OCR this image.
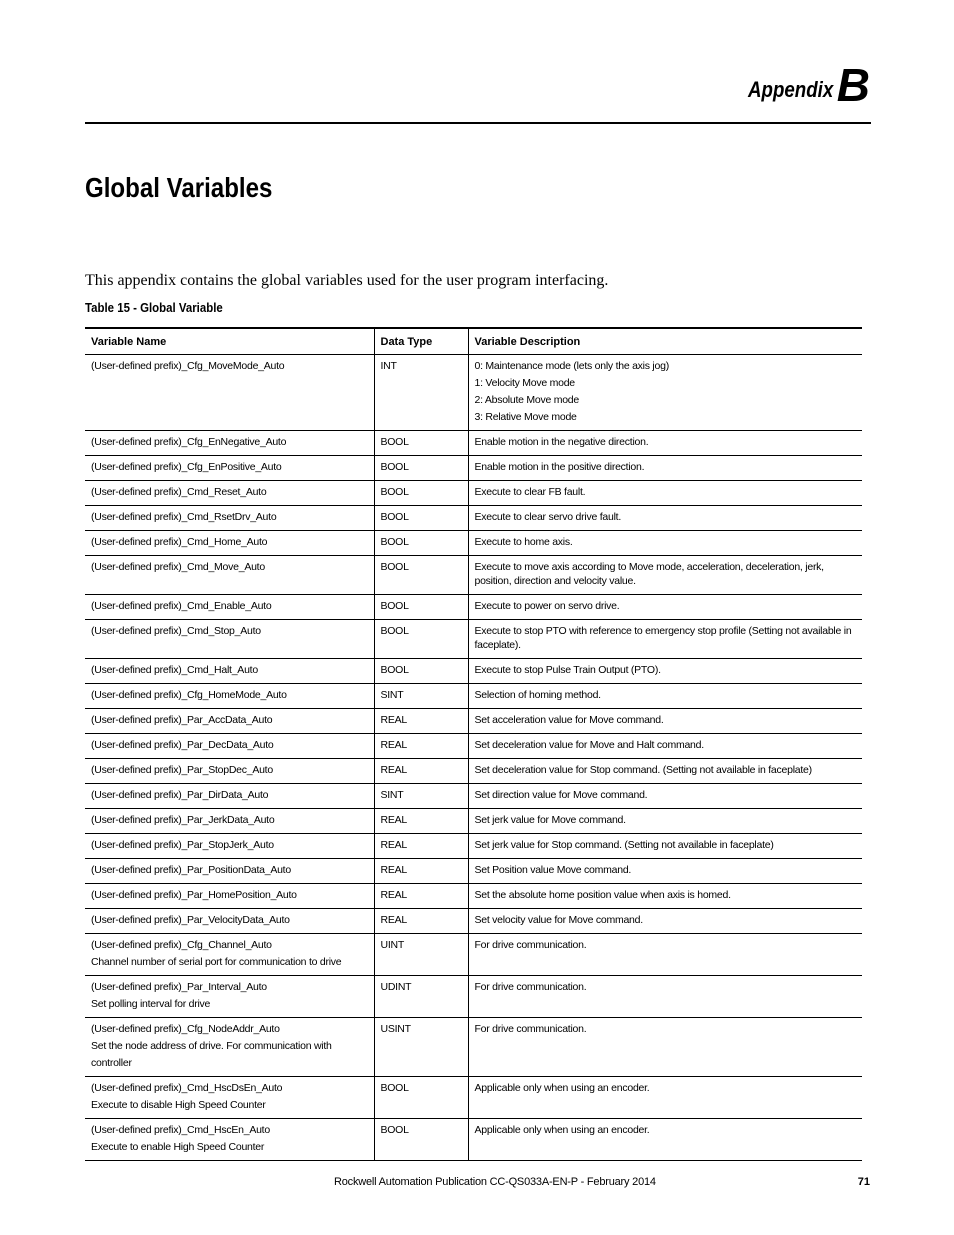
Appendix B
Global Variables
This appendix contains the global variables used for the user program interfacing.
Table 15 - Global Variable
Variable Name	Data Type	Variable Description

(User-defined prefix)_Cfg_MoveMode_Auto	INT	0: Maintenance mode (lets only the axis jog)
1: Velocity Move mode
2: Absolute Move mode
3: Relative Move mode

(User-defined prefix)_Cfg_EnNegative_Auto	BOOL	Enable motion in the negative direction.

(User-defined prefix)_Cfg_EnPositive_Auto	BOOL	Enable motion in the positive direction.

(User-defined prefix)_Cmd_Reset_Auto	BOOL	Execute to clear FB fault.

(User-defined prefix)_Cmd_RsetDrv_Auto	BOOL	Execute to clear servo drive fault.

(User-defined prefix)_Cmd_Home_Auto	BOOL	Execute to home axis.

(User-defined prefix)_Cmd_Move_Auto	BOOL	Execute to move axis according to Move mode, acceleration, deceleration, jerk, position, direction and velocity value.

(User-defined prefix)_Cmd_Enable_Auto	BOOL	Execute to power on servo drive.

(User-defined prefix)_Cmd_Stop_Auto	BOOL	Execute to stop PTO with reference to emergency stop profile (Setting not available in faceplate).

(User-defined prefix)_Cmd_Halt_Auto	BOOL	Execute to stop Pulse Train Output (PTO).

(User-defined prefix)_Cfg_HomeMode_Auto	SINT	Selection of homing method.

(User-defined prefix)_Par_AccData_Auto	REAL	Set acceleration value for Move command.

(User-defined prefix)_Par_DecData_Auto	REAL	Set deceleration value for Move and Halt command.

(User-defined prefix)_Par_StopDec_Auto	REAL	Set deceleration value for Stop command. (Setting not available in faceplate)

(User-defined prefix)_Par_DirData_Auto	SINT	Set direction value for Move command.

(User-defined prefix)_Par_JerkData_Auto	REAL	Set jerk value for Move command.

(User-defined prefix)_Par_StopJerk_Auto	REAL	Set jerk value for Stop command. (Setting not available in faceplate)

(User-defined prefix)_Par_PositionData_Auto	REAL	Set Position value Move command.

(User-defined prefix)_Par_HomePosition_Auto	REAL	Set the absolute home position value when axis is homed.

(User-defined prefix)_Par_VelocityData_Auto	REAL	Set velocity value for Move command.

(User-defined prefix)_Cfg_Channel_Auto
Channel number of serial port for communication to drive	UINT	For drive communication.

(User-defined prefix)_Par_Interval_Auto
Set polling interval for drive	UDINT	For drive communication.

(User-defined prefix)_Cfg_NodeAddr_Auto
Set the node address of drive. For communication with controller	USINT	For drive communication.

(User-defined prefix)_Cmd_HscDsEn_Auto
Execute to disable High Speed Counter	BOOL	Applicable only when using an encoder.

(User-defined prefix)_Cmd_HscEn_Auto
Execute to enable High Speed Counter	BOOL	Applicable only when using an encoder.
Rockwell Automation Publication CC-QS033A-EN-P - February 2014	71
